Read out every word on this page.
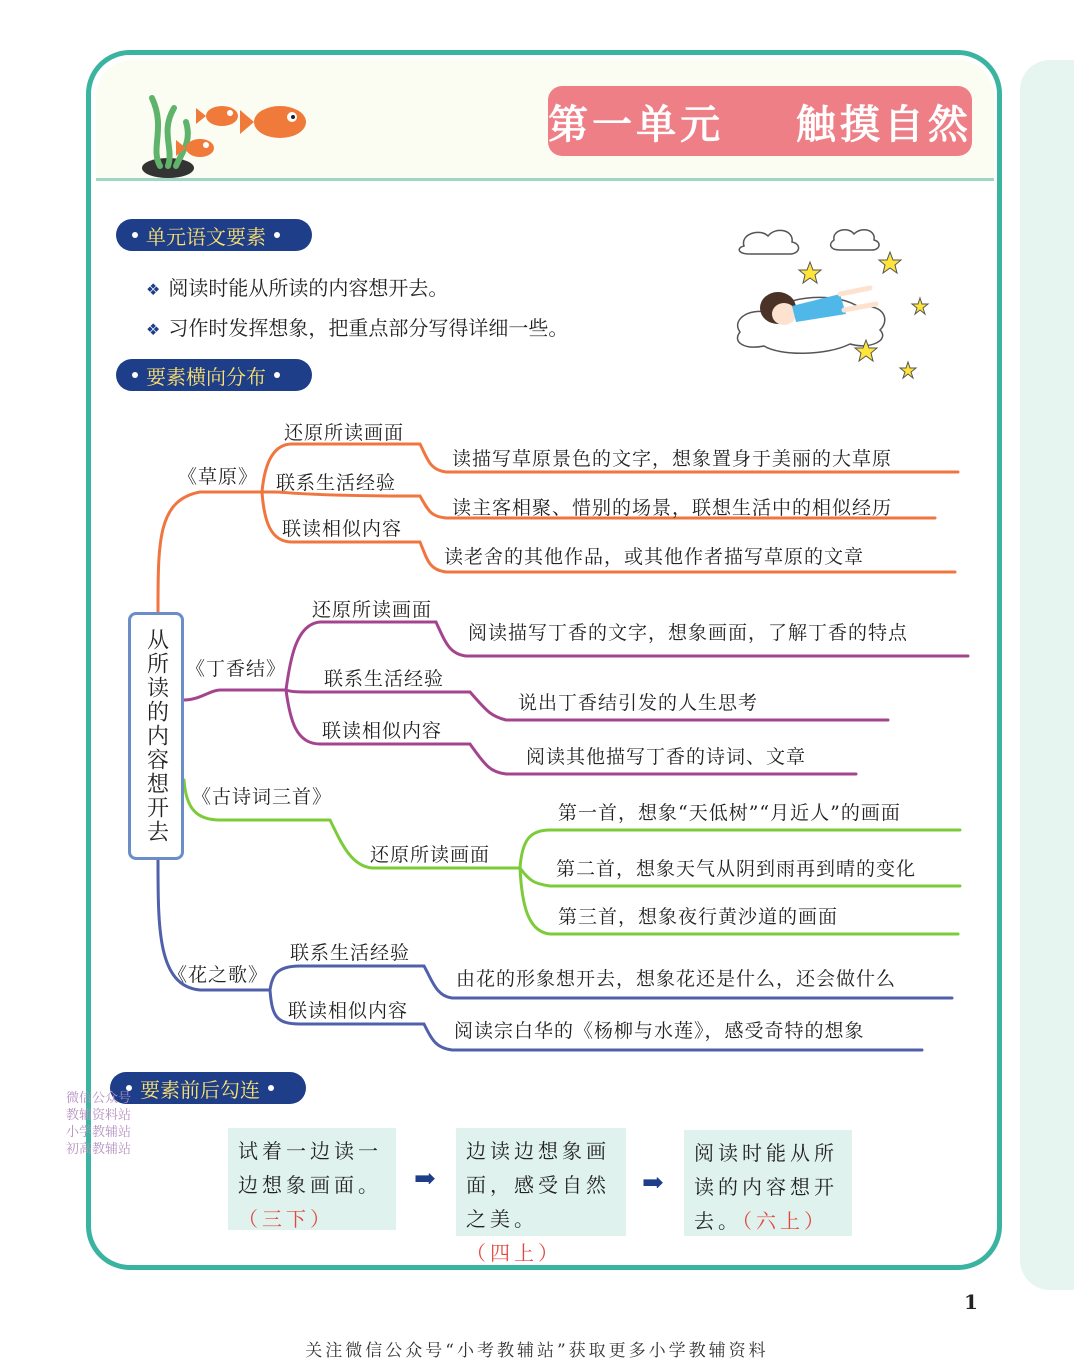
第一单元    触摸自然
单元语文要素
❖ 阅读时能从所读的内容想开去。
❖ 习作时发挥想象，把重点部分写得详细一些。
要素横向分布
从所读的内容想开去
《草原》
还原所读画面
联系生活经验
联读相似内容
读描写草原景色的文字，想象置身于美丽的大草原
读主客相聚、惜别的场景，联想生活中的相似经历
读老舍的其他作品，或其他作者描写草原的文章
《丁香结》
还原所读画面
联系生活经验
联读相似内容
阅读描写丁香的文字，想象画面，了解丁香的特点
说出丁香结引发的人生思考
阅读其他描写丁香的诗词、文章
《古诗词三首》
还原所读画面
第一首，想象“天低树”“月近人”的画面
第二首，想象天气从阴到雨再到晴的变化
第三首，想象夜行黄沙道的画面
《花之歌》
联系生活经验
联读相似内容
由花的形象想开去，想象花还是什么，还会做什么
阅读宗白华的《杨柳与水莲》，感受奇特的想象
要素前后勾连
微信公众号
教辅资料站
小学教辅站
初高教辅站	试着一边读一边想象画面。
（三下）
➡
边读边想象画面，感受自然之美。（四上）
➡
阅读时能从所读的内容想开去。（六上）
1
关注微信公众号“小考教辅站”获取更多小学教辅资料
